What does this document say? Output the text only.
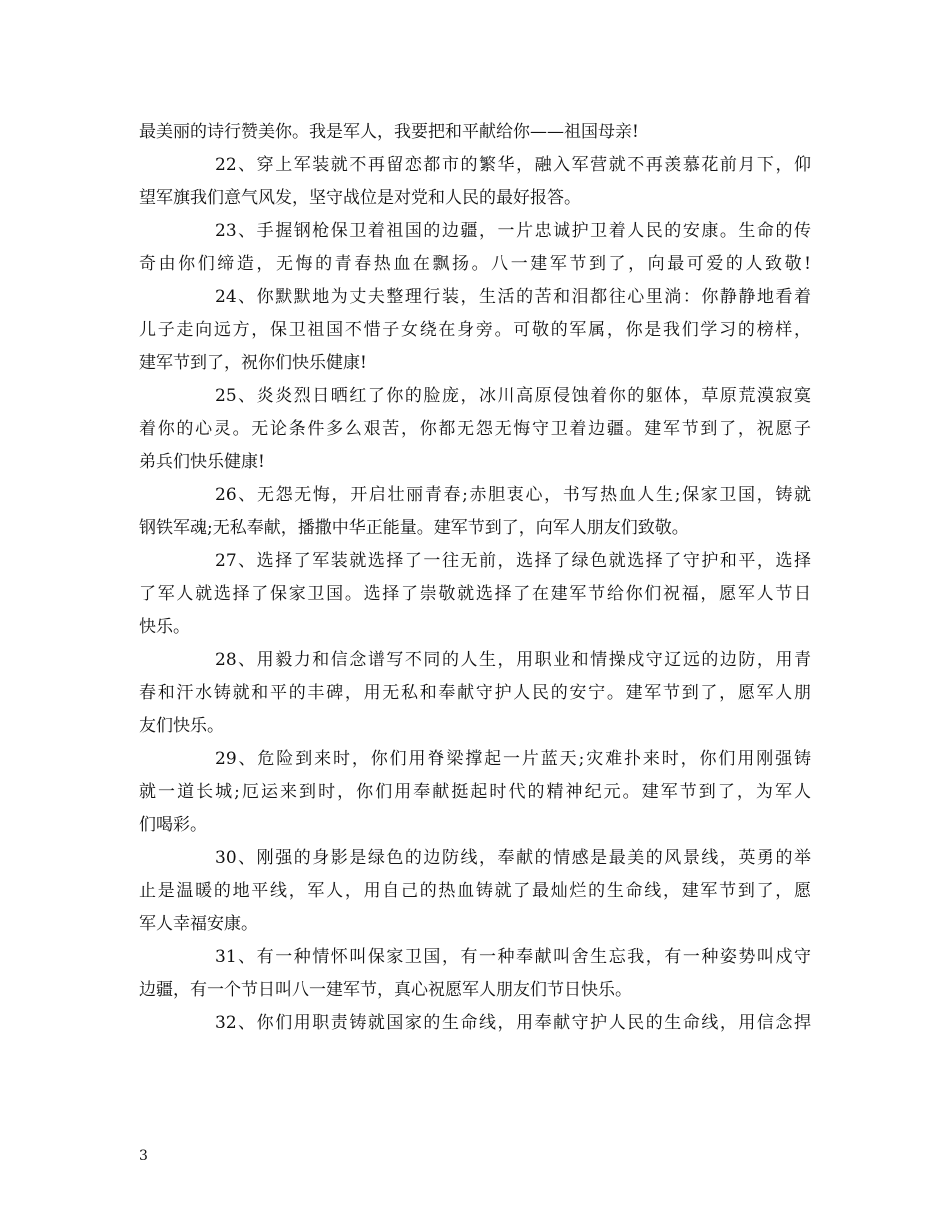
最美丽的诗行赞美你。我是军人，我要把和平献给你——祖国母亲!
22、穿上军装就不再留恋都市的繁华，融入军营就不再羡慕花前月下，仰
望军旗我们意气风发，坚守战位是对党和人民的最好报答。
23、手握钢枪保卫着祖国的边疆，一片忠诚护卫着人民的安康。生命的传
奇由你们缔造，无悔的青春热血在飘扬。八一建军节到了，向最可爱的人致敬!
24、你默默地为丈夫整理行装，生活的苦和泪都往心里淌：你静静地看着
儿子走向远方，保卫祖国不惜子女绕在身旁。可敬的军属，你是我们学习的榜样，
建军节到了，祝你们快乐健康!
25、炎炎烈日晒红了你的脸庞，冰川高原侵蚀着你的躯体，草原荒漠寂寞
着你的心灵。无论条件多么艰苦，你都无怨无悔守卫着边疆。建军节到了，祝愿子
弟兵们快乐健康!
26、无怨无悔，开启壮丽青春;赤胆衷心，书写热血人生;保家卫国，铸就
钢铁军魂;无私奉献，播撒中华正能量。建军节到了，向军人朋友们致敬。
27、选择了军装就选择了一往无前，选择了绿色就选择了守护和平，选择
了军人就选择了保家卫国。选择了崇敬就选择了在建军节给你们祝福，愿军人节日
快乐。
28、用毅力和信念谱写不同的人生，用职业和情操戍守辽远的边防，用青
春和汗水铸就和平的丰碑，用无私和奉献守护人民的安宁。建军节到了，愿军人朋
友们快乐。
29、危险到来时，你们用脊梁撑起一片蓝天;灾难扑来时，你们用刚强铸
就一道长城;厄运来到时，你们用奉献挺起时代的精神纪元。建军节到了，为军人
们喝彩。
30、刚强的身影是绿色的边防线，奉献的情感是最美的风景线，英勇的举
止是温暖的地平线，军人，用自己的热血铸就了最灿烂的生命线，建军节到了，愿
军人幸福安康。
31、有一种情怀叫保家卫国，有一种奉献叫舍生忘我，有一种姿势叫戍守
边疆，有一个节日叫八一建军节，真心祝愿军人朋友们节日快乐。
32、你们用职责铸就国家的生命线，用奉献守护人民的生命线，用信念捍
3
